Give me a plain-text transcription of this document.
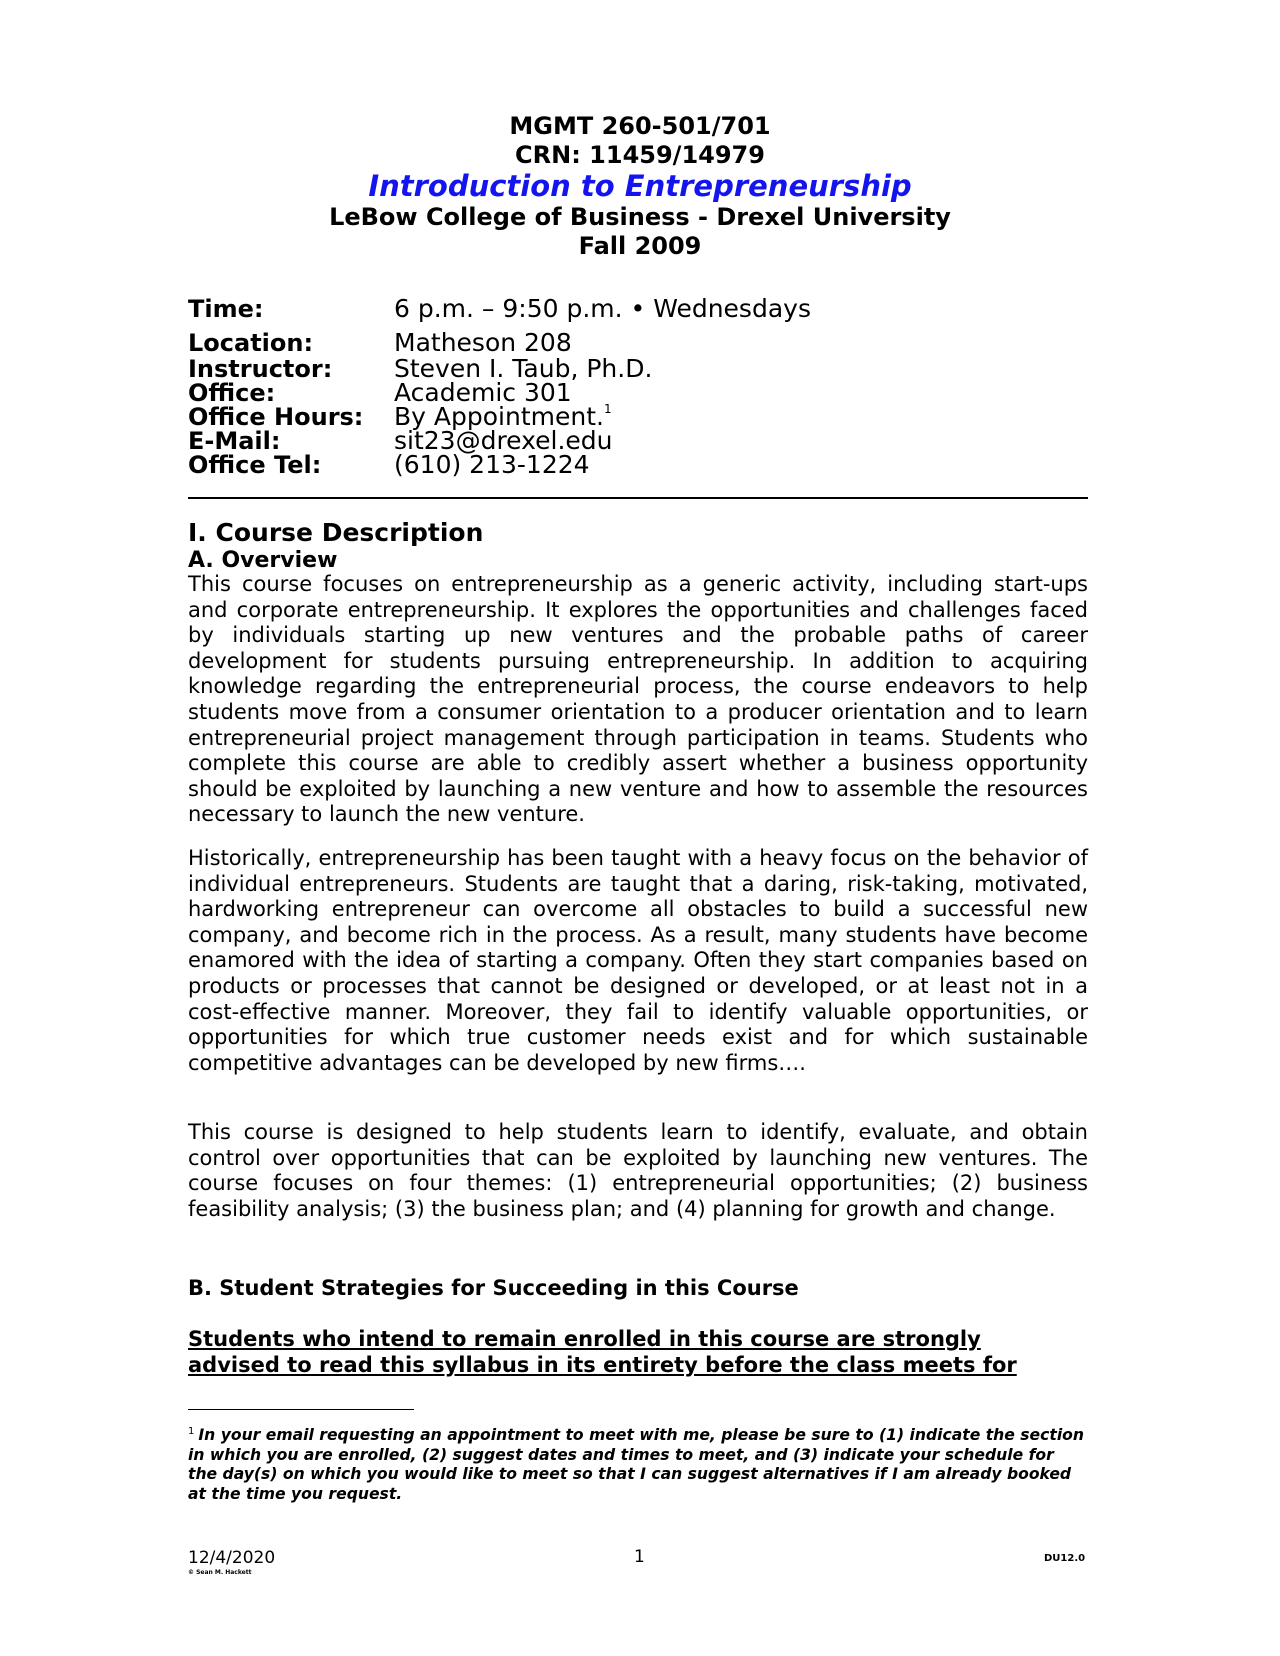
MGMT 260-501/701
CRN: 11459/14979
Introduction to Entrepreneurship
LeBow College of Business - Drexel University
Fall 2009
Time:	6 p.m. – 9:50 p.m. • Wednesdays
Location:	Matheson 208
Instructor:	Steven I. Taub, Ph.D.
Office:	Academic 301
Office Hours:	By Appointment.$^1$
E-Mail:	sit23@drexel.edu
Office Tel:	(610) 213-1224
I. Course Description
A. Overview
This course focuses on entrepreneurship as a generic activity, including start-ups and corporate entrepreneurship. It explores the opportunities and challenges faced by individuals starting up new ventures and the probable paths of career development for students pursuing entrepreneurship. In addition to acquiring knowledge regarding the entrepreneurial process, the course endeavors to help students move from a consumer orientation to a producer orientation and to learn entrepreneurial project management through participation in teams. Students who complete this course are able to credibly assert whether a business opportunity should be exploited by launching a new venture and how to assemble the resources necessary to launch the new venture.
Historically, entrepreneurship has been taught with a heavy focus on the behavior of individual entrepreneurs. Students are taught that a daring, risk-taking, motivated, hardworking entrepreneur can overcome all obstacles to build a successful new company, and become rich in the process. As a result, many students have become enamored with the idea of starting a company. Often they start companies based on products or processes that cannot be designed or developed, or at least not in a cost-effective manner. Moreover, they fail to identify valuable opportunities, or opportunities for which true customer needs exist and for which sustainable competitive advantages can be developed by new firms….
This course is designed to help students learn to identify, evaluate, and obtain control over opportunities that can be exploited by launching new ventures. The course focuses on four themes: (1) entrepreneurial opportunities; (2) business feasibility analysis; (3) the business plan; and (4) planning for growth and change.
B. Student Strategies for Succeeding in this Course
Students who intend to remain enrolled in this course are strongly advised to read this syllabus in its entirety before the class meets for
$^1$ In your email requesting an appointment to meet with me, please be sure to (1) indicate the section in which you are enrolled, (2) suggest dates and times to meet, and (3) indicate your schedule for the day(s) on which you would like to meet so that I can suggest alternatives if I am already booked at the time you request.
12/4/2020
© Sean M. Hackett
1	DU12.0
